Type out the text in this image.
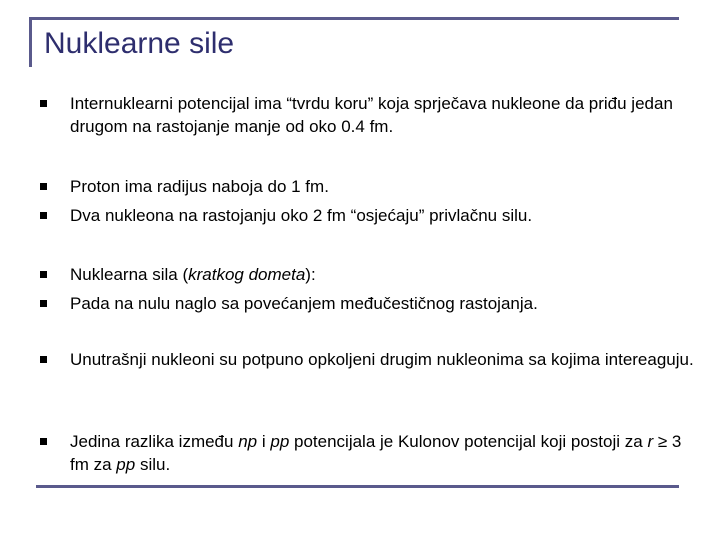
Nuklearne sile
Internuklearni potencijal ima “tvrdu koru” koja sprječava nukleone da priđu jedan drugom na rastojanje manje od oko 0.4 fm.
Proton ima radijus naboja do 1 fm.
Dva nukleona na rastojanju oko 2 fm “osjećaju” privlačnu silu.
Nuklearna sila (kratkog dometa):
Pada na nulu naglo sa povećanjem međučestičnog rastojanja.
Unutrašnji nukleoni su potpuno opkoljeni drugim nukleonima sa kojima intereaguju.
Jedina razlika između np i pp potencijala je Kulonov potencijal koji postoji za r ≥ 3 fm za pp silu.
